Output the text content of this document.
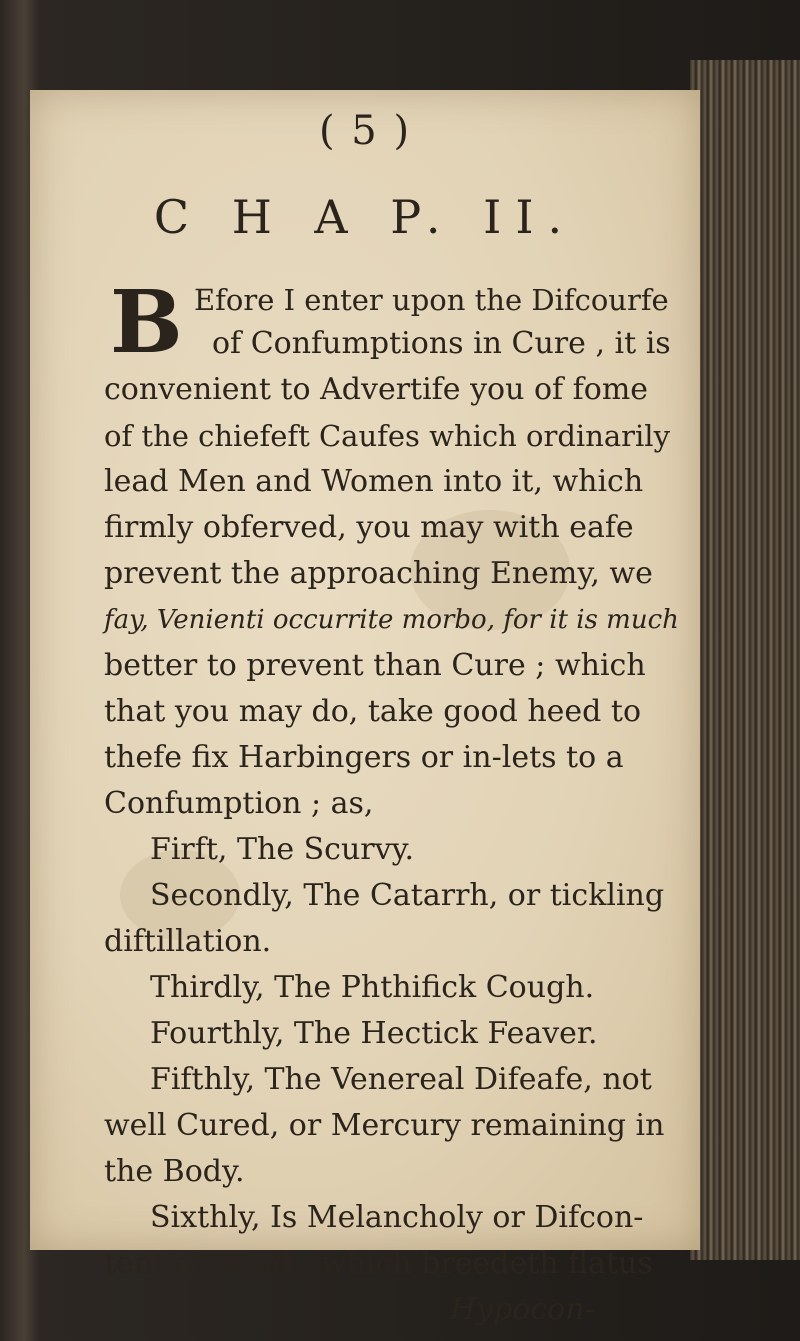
( 5 )
C H A P. II.
B Efore I enter upon the Difcourfe
of Confumptions in Cure , it is
convenient to Advertife you of fome
of the chiefeft Caufes which ordinarily
lead Men and Women into it, which
firmly obferved, you may with eafe
prevent the approaching Enemy, we
fay, Venienti occurrite morbo, for it is much
better to prevent than Cure ; which
that you may do, take good heed to
thefe fix Harbingers or in-lets to a
Confumption ; as,
Firft, The Scurvy.
Secondly, The Catarrh, or tickling
diftillation.
Thirdly, The Phthifick Cough.
Fourthly, The Hectick Feaver.
Fifthly, The Venereal Difeafe, not
well Cured, or Mercury remaining in
the Body.
Sixthly, Is Melancholy or Difcon-
tent of Mind , which breedeth flatus
Hypocon-
